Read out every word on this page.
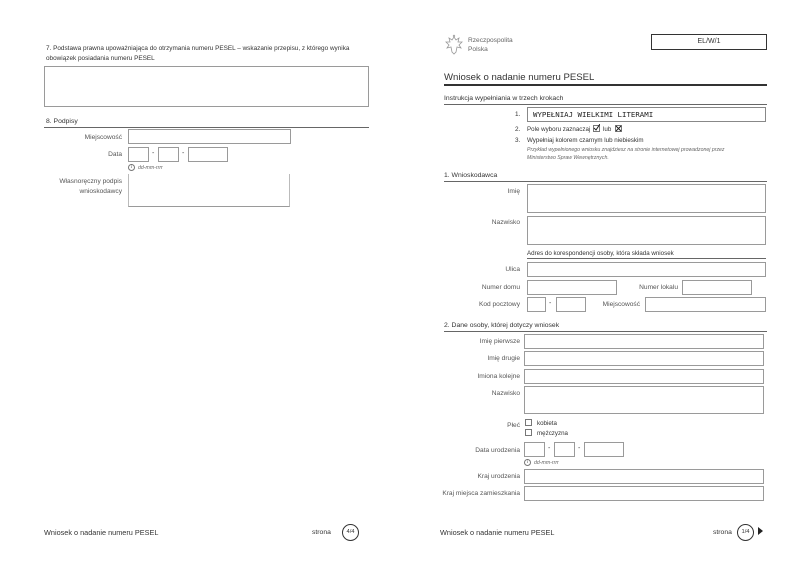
7. Podstawa prawna upoważniająca do otrzymania numeru PESEL – wskazanie przepisu, z którego wynika obowiązek posiadania numeru PESEL
8. Podpisy
Miejscowość
Data	-	-
i	dd-mm-rrrr
Własnoręczny podpis wnioskodawcy
Wniosek o nadanie numeru PESEL	strona	4/4
Rzeczpospolita
Polska
EL/W/1
Wniosek o nadanie numeru PESEL
Instrukcja wypełniania w trzech krokach
1.	WYPEŁNIAJ WIELKIMI LITERAMI
2. Pole wyboru zaznaczaj lub
3. Wypełniaj kolorem czarnym lub niebieskim
Przykład wypełnionego wniosku znajdziesz na stronie internetowej prowadzonej przez Ministerstwo Spraw Wewnętrznych.
1. Wnioskodawca
Imię
Nazwisko
Adres do korespondencji osoby, która składa wniosek
Ulica
Numer domu	Numer lokalu
Kod pocztowy	-	Miejscowość
2. Dane osoby, której dotyczy wniosek
Imię pierwsze
Imię drugie
Imiona kolejne
Nazwisko
Płeć	kobieta
mężczyzna
Data urodzenia	-	-
i	dd-mm-rrrr
Kraj urodzenia
Kraj miejsca zamieszkania
Wniosek o nadanie numeru PESEL	strona	1/4
